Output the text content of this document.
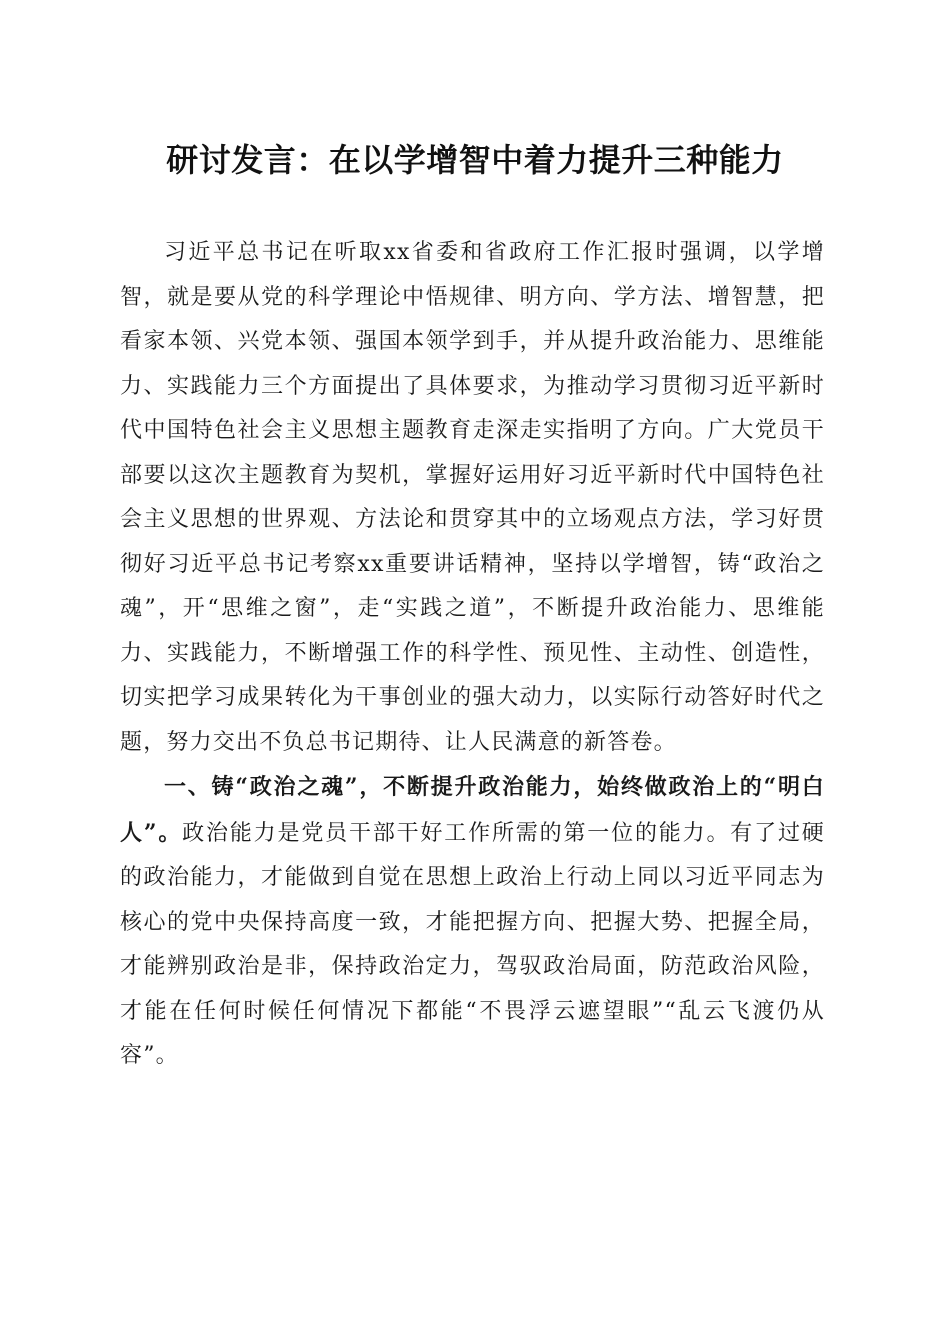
研讨发言：在以学增智中着力提升三种能力

习近平总书记在听取xx省委和省政府工作汇报时强调，以学增智，就是要从党的科学理论中悟规律、明方向、学方法、增智慧，把看家本领、兴党本领、强国本领学到手，并从提升政治能力、思维能力、实践能力三个方面提出了具体要求，为推动学习贯彻习近平新时代中国特色社会主义思想主题教育走深走实指明了方向。广大党员干部要以这次主题教育为契机，掌握好运用好习近平新时代中国特色社会主义思想的世界观、方法论和贯穿其中的立场观点方法，学习好贯彻好习近平总书记考察xx重要讲话精神，坚持以学增智，铸“政治之魂”，开“思维之窗”，走“实践之道”，不断提升政治能力、思维能力、实践能力，不断增强工作的科学性、预见性、主动性、创造性，切实把学习成果转化为干事创业的强大动力，以实际行动答好时代之题，努力交出不负总书记期待、让人民满意的新答卷。

一、铸“政治之魂”，不断提升政治能力，始终做政治上的“明白人”。政治能力是党员干部干好工作所需的第一位的能力。有了过硬的政治能力，才能做到自觉在思想上政治上行动上同以习近平同志为核心的党中央保持高度一致，才能把握方向、把握大势、把握全局，才能辨别政治是非，保持政治定力，驾驭政治局面，防范政治风险，才能在任何时候任何情况下都能“不畏浮云遮望眼”“乱云飞渡仍从容”。
